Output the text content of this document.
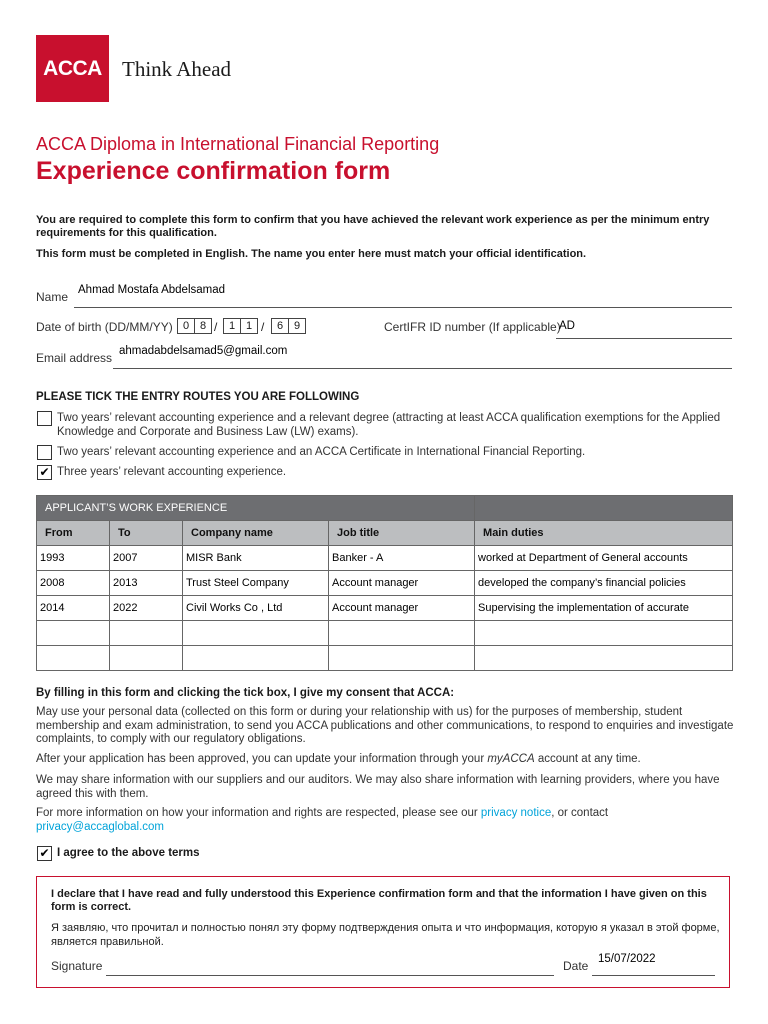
ACCA Think Ahead
ACCA Diploma in International Financial Reporting
Experience confirmation form
You are required to complete this form to confirm that you have achieved the relevant work experience as per the minimum entry requirements for this qualification.
This form must be completed in English. The name you enter here must match your official identification.
Name Ahmad Mostafa Abdelsamad
Date of birth (DD/MM/YY) 0 8 /	1 1 /	6 9	CertIFR ID number (If applicable)
AD
Email address ahmadabdelsamad5@gmail.com
PLEASE TICK THE ENTRY ROUTES YOU ARE FOLLOWING
Two years’ relevant accounting experience and a relevant degree (attracting at least ACCA qualification exemptions for the Applied Knowledge and Corporate and Business Law (LW) exams).
Two years’ relevant accounting experience and an ACCA Certificate in International Financial Reporting.
✔ Three years’ relevant accounting experience.
APPLICANT’S WORK EXPERIENCE				
From	To	Company name	Job title	Main duties
1993	2007	MISR Bank	Banker - A	worked at Department of General accounts
2008	2013	Trust Steel Company	Account manager	developed the company’s financial policies
2014	2022	Civil Works Co , Ltd	Account manager	Supervising the implementation of accurate

By filling in this form and clicking the tick box, I give my consent that ACCA:
May use your personal data (collected on this form or during your relationship with us) for the purposes of membership, student membership and exam administration, to send you ACCA publications and other communications, to respond to enquiries and investigate complaints, to comply with our regulatory obligations.
After your application has been approved, you can update your information through your myACCA account at any time.
We may share information with our suppliers and our auditors. We may also share information with learning providers, where you have agreed this with them.
For more information on how your information and rights are respected, please see our privacy notice, or contact privacy@accaglobal.com
✔ I agree to the above terms
I declare that I have read and fully understood this Experience confirmation form and that the information I have given on this form is correct.
Я заявляю, что прочитал и полностью понял эту форму подтверждения опыта и что информация, которую я указал в этой форме, является правильной.
Signature	Date 15/07/2022
